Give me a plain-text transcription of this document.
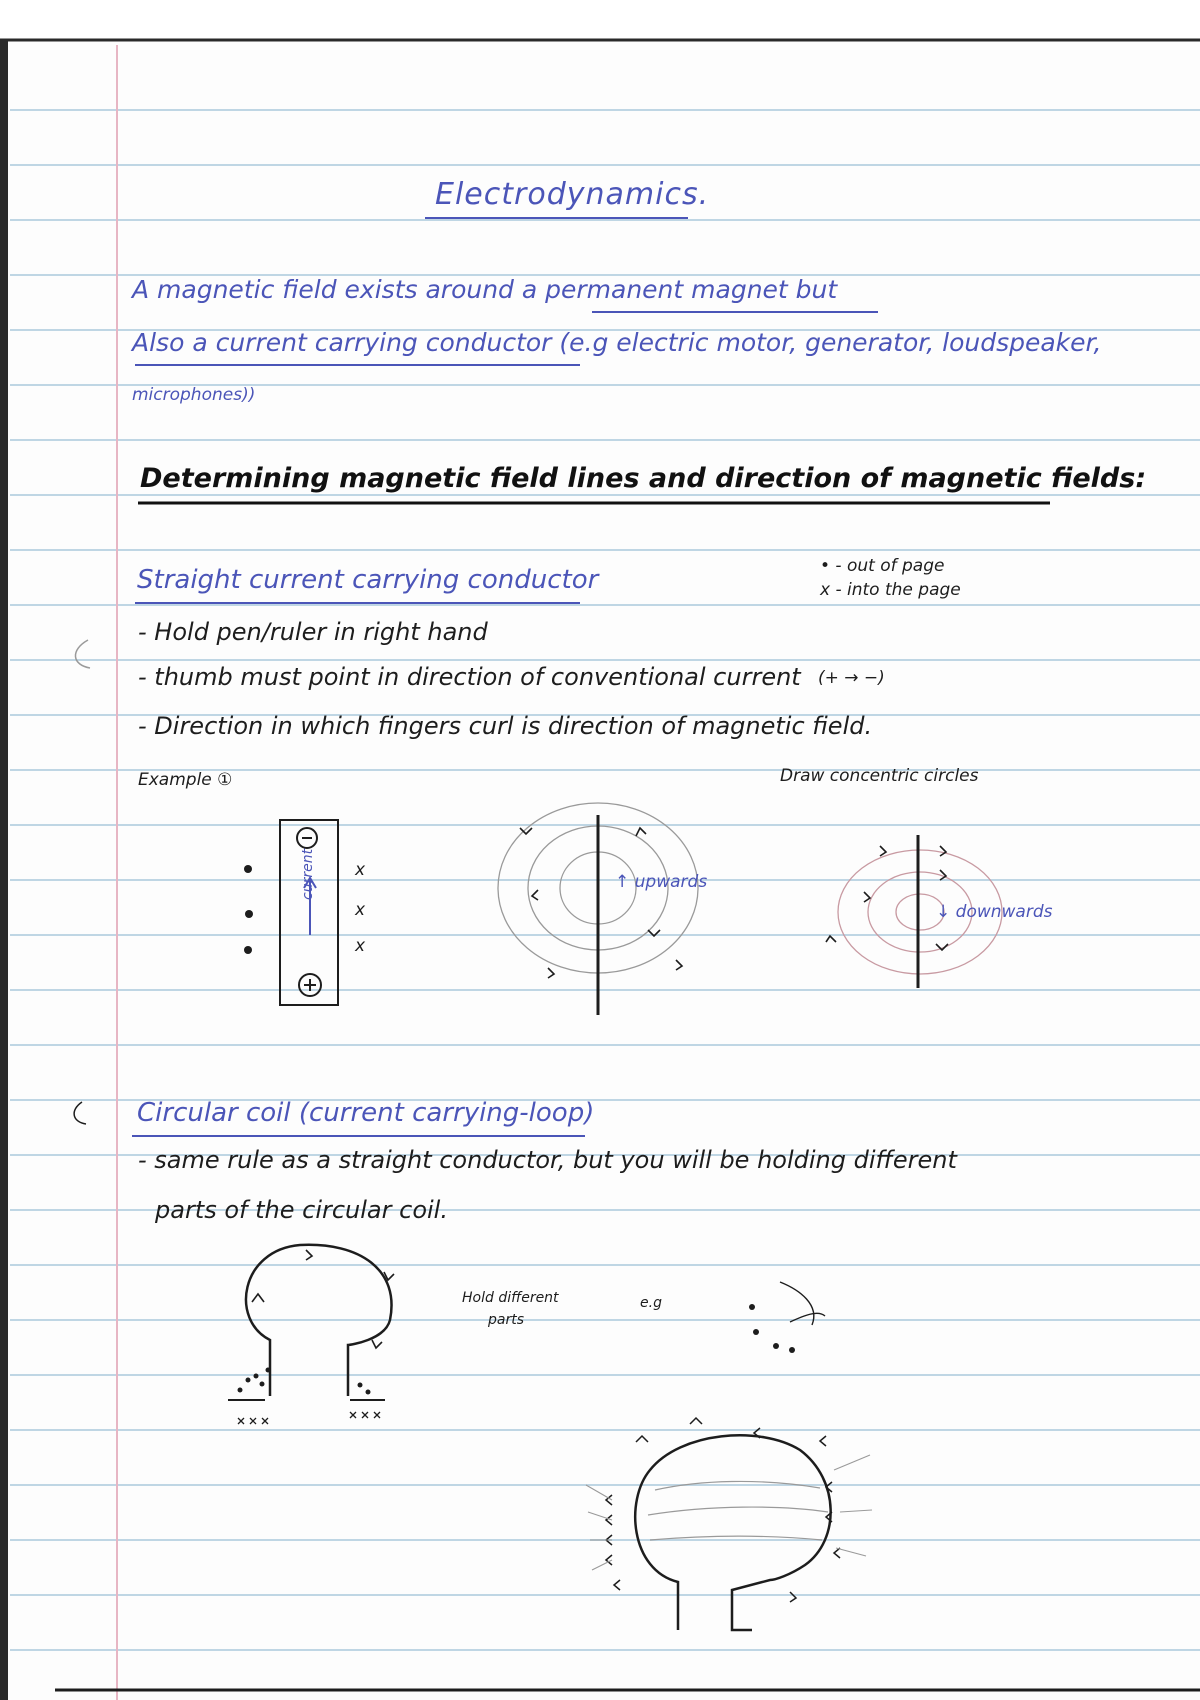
Electrodynamics.
A magnetic field exists around a permanent magnet but
Also a current carrying conductor (e.g electric motor, generator, loudspeaker,
microphones))
Determining magnetic field lines and direction of magnetic fields:
Straight current carrying conductor	• - out of page
x - into the page
- Hold pen/ruler in right hand
- thumb must point in direction of conventional current (+ → −)
- Direction in which fingers curl is direction of magnetic field.
Example ①	Draw concentric circles
current x
x
x
↑ upwards
↓ downwards
Circular coil (current carrying-loop)
- same rule as a straight conductor, but you will be holding different
parts of the circular coil.
Hold different
parts
e.g
